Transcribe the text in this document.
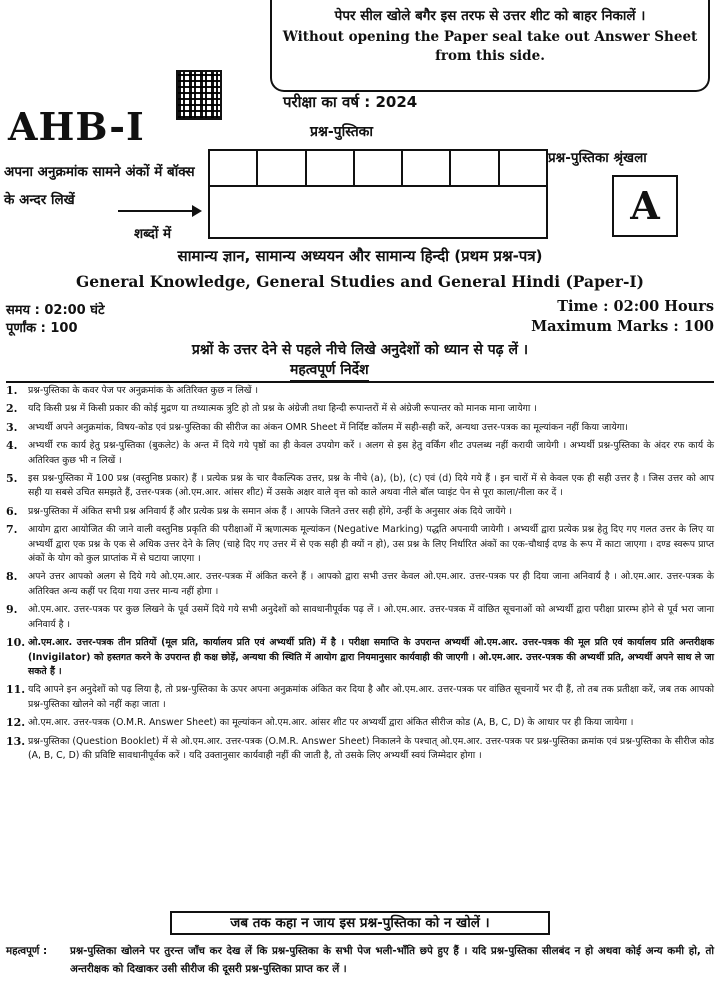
पेपर सील खोले बगैर इस तरफ से उत्तर शीट को बाहर निकालें ।
Without opening the Paper seal take out Answer Sheet from this side.
AHB-I
परीक्षा का वर्ष : 2024
प्रश्न-पुस्तिका
प्रश्न-पुस्तिका श्रृंखला
A
अपना अनुक्रमांक सामने अंकों में बॉक्स के अन्दर लिखें
शब्दों में
सामान्य ज्ञान, सामान्य अध्ययन और सामान्य हिन्दी (प्रथम प्रश्न-पत्र)
General Knowledge, General Studies and General Hindi (Paper-I)
समय : 02:00 घंटे
पूर्णांक : 100
Time : 02:00 Hours
Maximum Marks : 100
प्रश्नों के उत्तर देने से पहले नीचे लिखे अनुदेशों को ध्यान से पढ़ लें ।
महत्वपूर्ण निर्देश
1.	प्रश्न-पुस्तिका के कवर पेज पर अनुक्रमांक के अतिरिक्त कुछ न लिखें ।
2.	यदि किसी प्रश्न में किसी प्रकार की कोई मुद्रण या तथ्यात्मक त्रुटि हो तो प्रश्न के अंग्रेजी तथा हिन्दी रूपान्तरों में से अंग्रेजी रूपान्तर को मानक माना जायेगा ।
3.	अभ्यर्थी अपने अनुक्रमांक, विषय-कोड एवं प्रश्न-पुस्तिका की सीरीज का अंकन OMR Sheet में निर्दिष्ट कॉलम में सही-सही करें, अन्यथा उत्तर-पत्रक का मूल्यांकन नहीं किया जायेगा।
4.	अभ्यर्थी रफ कार्य हेतु प्रश्न-पुस्तिका (बुकलेट) के अन्त में दिये गये पृष्ठों का ही केवल उपयोग करें । अलग से इस हेतु वर्किंग शीट उपलब्ध नहीं करायी जायेगी । अभ्यर्थी प्रश्न-पुस्तिका के अंदर रफ कार्य के अतिरिक्त कुछ भी न लिखें ।
5.	इस प्रश्न-पुस्तिका में 100 प्रश्न (वस्तुनिष्ठ प्रकार) हैं । प्रत्येक प्रश्न के चार वैकल्पिक उत्तर, प्रश्न के नीचे (a), (b), (c) एवं (d) दिये गये हैं । इन चारों में से केवल एक ही सही उत्तर है । जिस उत्तर को आप सही या सबसे उचित समझते हैं, उत्तर-पत्रक (ओ.एम.आर. आंसर शीट) में उसके अक्षर वाले वृत्त को काले अथवा नीले बॉल प्वाइंट पेन से पूरा काला/नीला कर दें ।
6.	प्रश्न-पुस्तिका में अंकित सभी प्रश्न अनिवार्य हैं और प्रत्येक प्रश्न के समान अंक हैं । आपके जितने उत्तर सही होंगे, उन्हीं के अनुसार अंक दिये जायेंगे ।
7.	आयोग द्वारा आयोजित की जाने वाली वस्तुनिष्ठ प्रकृति की परीक्षाओं में ऋणात्मक मूल्यांकन (Negative Marking) पद्धति अपनायी जायेगी । अभ्यर्थी द्वारा प्रत्येक प्रश्न हेतु दिए गए गलत उत्तर के लिए या अभ्यर्थी द्वारा एक प्रश्न के एक से अधिक उत्तर देने के लिए (चाहे दिए गए उत्तर में से एक सही ही क्यों न हो), उस प्रश्न के लिए निर्धारित अंकों का एक-चौथाई दण्ड के रूप में काटा जाएगा । दण्ड स्वरूप प्राप्त अंकों के योग को कुल प्राप्तांक में से घटाया जाएगा ।
8.	अपने उत्तर आपको अलग से दिये गये ओ.एम.आर. उत्तर-पत्रक में अंकित करने हैं । आपको द्वारा सभी उत्तर केवल ओ.एम.आर. उत्तर-पत्रक पर ही दिया जाना अनिवार्य है । ओ.एम.आर. उत्तर-पत्रक के अतिरिक्त अन्य कहीं पर दिया गया उत्तर मान्य नहीं होगा ।
9.	ओ.एम.आर. उत्तर-पत्रक पर कुछ लिखने के पूर्व उसमें दिये गये सभी अनुदेशों को सावधानीपूर्वक पढ़ लें । ओ.एम.आर. उत्तर-पत्रक में वांछित सूचनाओं को अभ्यर्थी द्वारा परीक्षा प्रारम्भ होने से पूर्व भरा जाना अनिवार्य है ।
10. ओ.एम.आर. उत्तर-पत्रक तीन प्रतियों (मूल प्रति, कार्यालय प्रति एवं अभ्यर्थी प्रति) में है । परीक्षा समाप्ति के उपरान्त अभ्यर्थी ओ.एम.आर. उत्तर-पत्रक की मूल प्रति एवं कार्यालय प्रति अन्तरीक्षक (Invigilator) को हस्तगत करने के उपरान्त ही कक्ष छोड़ें, अन्यथा की स्थिति में आयोग द्वारा नियमानुसार कार्यवाही की जाएगी । ओ.एम.आर. उत्तर-पत्रक की अभ्यर्थी प्रति, अभ्यर्थी अपने साथ ले जा सकते हैं ।
11. यदि आपने इन अनुदेशों को पढ़ लिया है, तो प्रश्न-पुस्तिका के ऊपर अपना अनुक्रमांक अंकित कर दिया है और ओ.एम.आर. उत्तर-पत्रक पर वांछित सूचनायें भर दी हैं, तो तब तक प्रतीक्षा करें, जब तक आपको प्रश्न-पुस्तिका खोलने को नहीं कहा जाता ।
12. ओ.एम.आर. उत्तर-पत्रक (O.M.R. Answer Sheet) का मूल्यांकन ओ.एम.आर. आंसर शीट पर अभ्यर्थी द्वारा अंकित सीरीज कोड (A, B, C, D) के आधार पर ही किया जायेगा ।
13. प्रश्न-पुस्तिका (Question Booklet) में से ओ.एम.आर. उत्तर-पत्रक (O.M.R. Answer Sheet) निकालने के पश्चात् ओ.एम.आर. उत्तर-पत्रक पर प्रश्न-पुस्तिका क्रमांक एवं प्रश्न-पुस्तिका के सीरीज कोड (A, B, C, D) की प्रविष्टि सावधानीपूर्वक करें । यदि उक्तानुसार कार्यवाही नहीं की जाती है, तो उसके लिए अभ्यर्थी स्वयं जिम्मेदार होगा ।
जब तक कहा न जाय इस प्रश्न-पुस्तिका को न खोलें ।
महत्वपूर्ण :	प्रश्न-पुस्तिका खोलने पर तुरन्त जाँच कर देख लें कि प्रश्न-पुस्तिका के सभी पेज भली-भाँति छपे हुए हैं । यदि प्रश्न-पुस्तिका सीलबंद न हो अथवा कोई अन्य कमी हो, तो अन्तरीक्षक को दिखाकर उसी सीरीज की दूसरी प्रश्न-पुस्तिका प्राप्त कर लें ।
